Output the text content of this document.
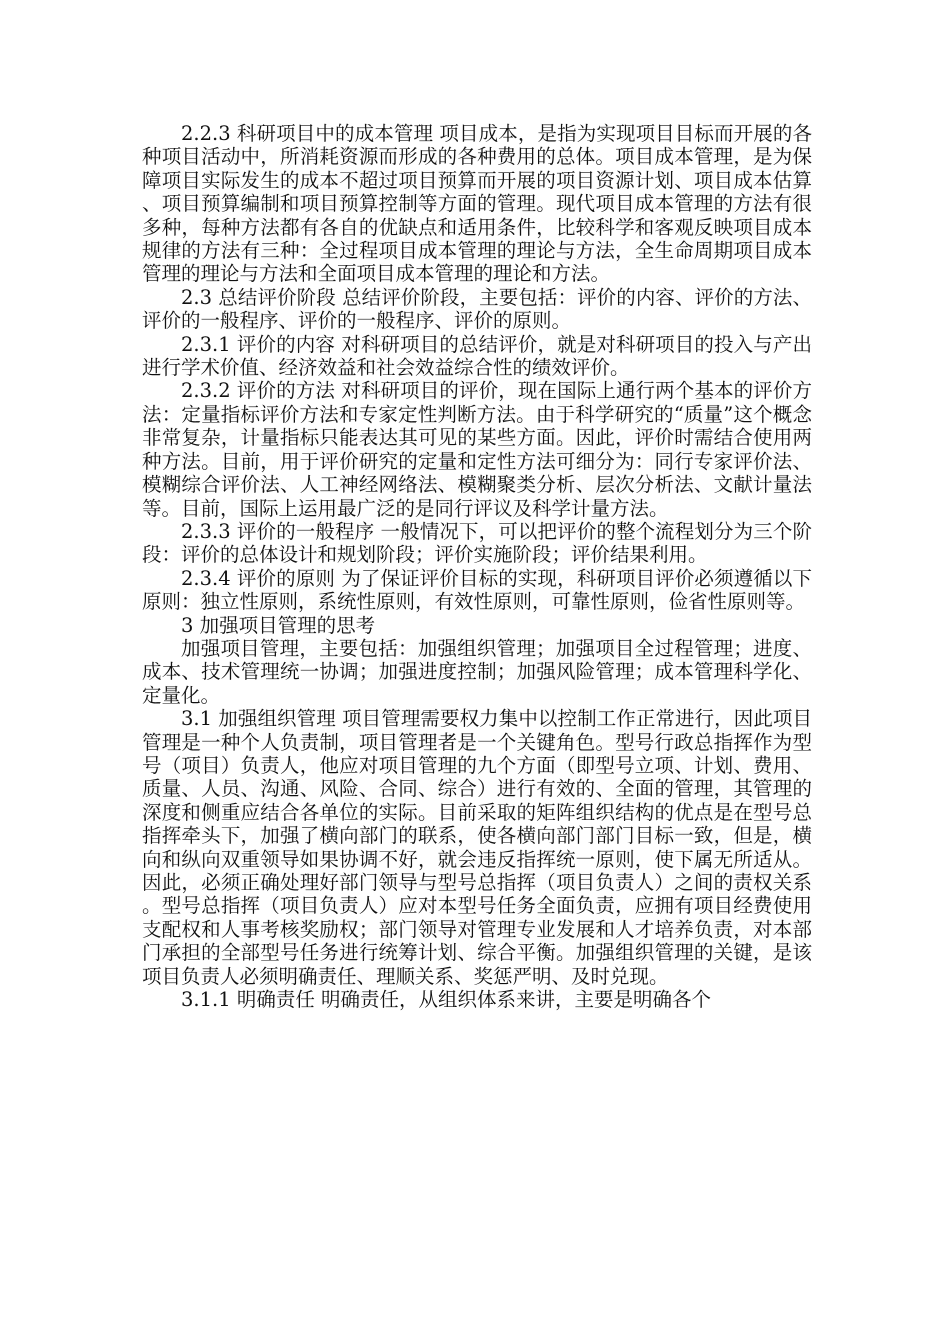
2.2.3 科研项目中的成本管理 项目成本，是指为实现项目目标而开展的各种项目活动中，所消耗资源而形成的各种费用的总体。项目成本管理，是为保障项目实际发生的成本不超过项目预算而开展的项目资源计划、项目成本估算、项目预算编制和项目预算控制等方面的管理。现代项目成本管理的方法有很多种，每种方法都有各自的优缺点和适用条件，比较科学和客观反映项目成本规律的方法有三种：全过程项目成本管理的理论与方法，全生命周期项目成本管理的理论与方法和全面项目成本管理的理论和方法。

2.3 总结评价阶段 总结评价阶段，主要包括：评价的内容、评价的方法、评价的一般程序、评价的一般程序、评价的原则。

2.3.1 评价的内容 对科研项目的总结评价，就是对科研项目的投入与产出进行学术价值、经济效益和社会效益综合性的绩效评价。

2.3.2 评价的方法 对科研项目的评价，现在国际上通行两个基本的评价方法：定量指标评价方法和专家定性判断方法。由于科学研究的“质量”这个概念非常复杂，计量指标只能表达其可见的某些方面。因此，评价时需结合使用两种方法。目前，用于评价研究的定量和定性方法可细分为：同行专家评价法、模糊综合评价法、人工神经网络法、模糊聚类分析、层次分析法、文献计量法等。目前，国际上运用最广泛的是同行评议及科学计量方法。

2.3.3 评价的一般程序 一般情况下，可以把评价的整个流程划分为三个阶段：评价的总体设计和规划阶段；评价实施阶段；评价结果利用。

2.3.4 评价的原则 为了保证评价目标的实现，科研项目评价必须遵循以下原则：独立性原则，系统性原则，有效性原则，可靠性原则，俭省性原则等。

3 加强项目管理的思考

加强项目管理，主要包括：加强组织管理；加强项目全过程管理；进度、成本、技术管理统一协调；加强进度控制；加强风险管理；成本管理科学化、定量化。

3.1 加强组织管理 项目管理需要权力集中以控制工作正常进行，因此项目管理是一种个人负责制，项目管理者是一个关键角色。型号行政总指挥作为型号（项目）负责人，他应对项目管理的九个方面（即型号立项、计划、费用、质量、人员、沟通、风险、合同、综合）进行有效的、全面的管理，其管理的深度和侧重应结合各单位的实际。目前采取的矩阵组织结构的优点是在型号总指挥牵头下，加强了横向部门的联系，使各横向部门部门目标一致，但是，横向和纵向双重领导如果协调不好，就会违反指挥统一原则，使下属无所适从。因此，必须正确处理好部门领导与型号总指挥（项目负责人）之间的责权关系。型号总指挥（项目负责人）应对本型号任务全面负责，应拥有项目经费使用支配权和人事考核奖励权；部门领导对管理专业发展和人才培养负责，对本部门承担的全部型号任务进行统筹计划、综合平衡。加强组织管理的关键，是该项目负责人必须明确责任、理顺关系、奖惩严明、及时兑现。

3.1.1 明确责任 明确责任，从组织体系来讲，主要是明确各个
